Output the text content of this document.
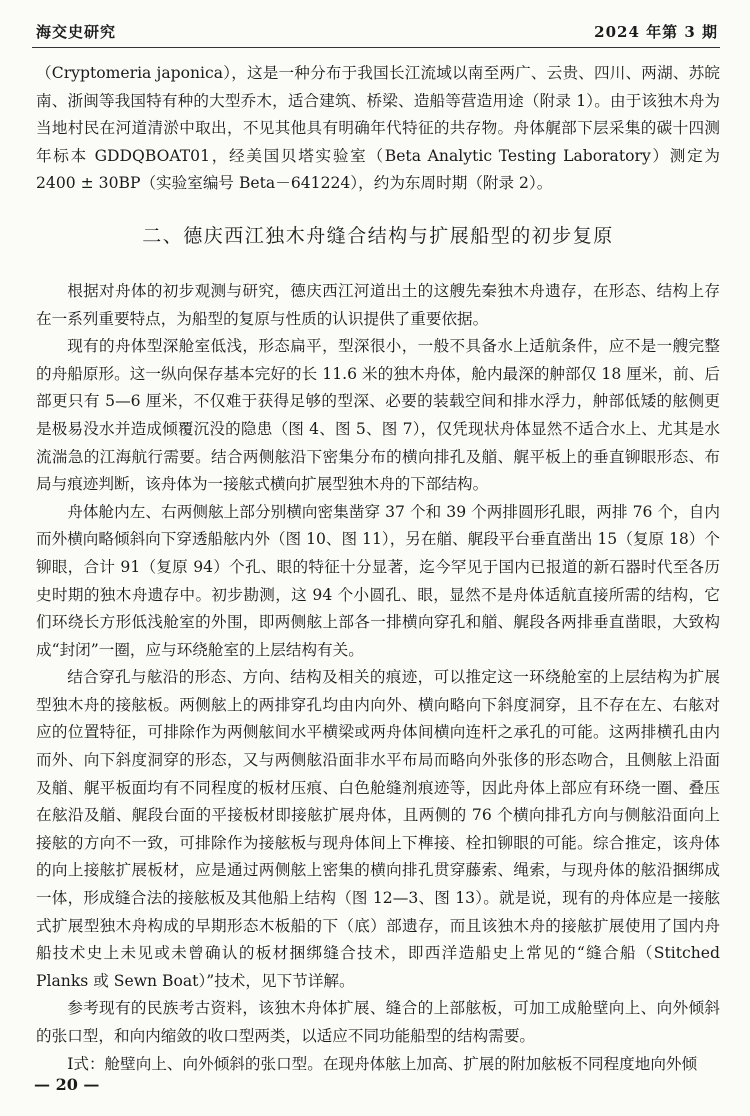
海交史研究	2024 年第 3 期

（Cryptomeria japonica），这是一种分布于我国长江流域以南至两广、云贵、四川、两湖、苏皖南、浙闽等我国特有种的大型乔木，适合建筑、桥梁、造船等营造用途（附录 1）。由于该独木舟为当地村民在河道清淤中取出，不见其他具有明确年代特征的共存物。舟体艉部下层采集的碳十四测年标本 GDDQBOAT01，经美国贝塔实验室（Beta Analytic Testing Laboratory）测定为 2400 ± 30BP（实验室编号 Beta－641224），约为东周时期（附录 2）。

二、德庆西江独木舟缝合结构与扩展船型的初步复原

根据对舟体的初步观测与研究，德庆西江河道出土的这艘先秦独木舟遗存，在形态、结构上存在一系列重要特点，为船型的复原与性质的认识提供了重要依据。

现有的舟体型深舱室低浅，形态扁平，型深很小，一般不具备水上适航条件，应不是一艘完整的舟船原形。这一纵向保存基本完好的长 11.6 米的独木舟体，舱内最深的舯部仅 18 厘米，前、后部更只有 5—6 厘米，不仅难于获得足够的型深、必要的装载空间和排水浮力，舯部低矮的舷侧更是极易没水并造成倾覆沉没的隐患（图 4、图 5、图 7），仅凭现状舟体显然不适合水上、尤其是水流湍急的江海航行需要。结合两侧舷沿下密集分布的横向排孔及艏、艉平板上的垂直铆眼形态、布局与痕迹判断，该舟体为一接舷式横向扩展型独木舟的下部结构。

舟体舱内左、右两侧舷上部分别横向密集凿穿 37 个和 39 个两排圆形孔眼，两排 76 个，自内而外横向略倾斜向下穿透船舷内外（图 10、图 11），另在艏、艉段平台垂直凿出 15（复原 18）个铆眼，合计 91（复原 94）个孔、眼的特征十分显著，迄今罕见于国内已报道的新石器时代至各历史时期的独木舟遗存中。初步勘测，这 94 个小圆孔、眼，显然不是舟体适航直接所需的结构，它们环绕长方形低浅舱室的外围，即两侧舷上部各一排横向穿孔和艏、艉段各两排垂直凿眼，大致构成“封闭”一圈，应与环绕舱室的上层结构有关。

结合穿孔与舷沿的形态、方向、结构及相关的痕迹，可以推定这一环绕舱室的上层结构为扩展型独木舟的接舷板。两侧舷上的两排穿孔均由内向外、横向略向下斜度洞穿，且不存在左、右舷对应的位置特征，可排除作为两侧舷间水平横梁或两舟体间横向连杆之承孔的可能。这两排横孔由内而外、向下斜度洞穿的形态，又与两侧舷沿面非水平布局而略向外张侈的形态吻合，且侧舷上沿面及艏、艉平板面均有不同程度的板材压痕、白色舱缝剂痕迹等，因此舟体上部应有环绕一圈、叠压在舷沿及艏、艉段台面的平接板材即接舷扩展舟体，且两侧的 76 个横向排孔方向与侧舷沿面向上接舷的方向不一致，可排除作为接舷板与现舟体间上下榫接、栓扣铆眼的可能。综合推定，该舟体的向上接舷扩展板材，应是通过两侧舷上密集的横向排孔贯穿藤索、绳索，与现舟体的舷沿捆绑成一体，形成缝合法的接舷板及其他船上结构（图 12—3、图 13）。就是说，现有的舟体应是一接舷式扩展型独木舟构成的早期形态木板船的下（底）部遗存，而且该独木舟的接舷扩展使用了国内舟船技术史上未见或未曾确认的板材捆绑缝合技术，即西洋造船史上常见的“缝合船（Stitched Planks 或 Sewn Boat）”技术，见下节详解。

参考现有的民族考古资料，该独木舟体扩展、缝合的上部舷板，可加工成舱壁向上、向外倾斜的张口型，和向内缩敛的收口型两类，以适应不同功能船型的结构需要。

Ⅰ式：舱壁向上、向外倾斜的张口型。在现舟体舷上加高、扩展的附加舷板不同程度地向外倾

— 20 —
